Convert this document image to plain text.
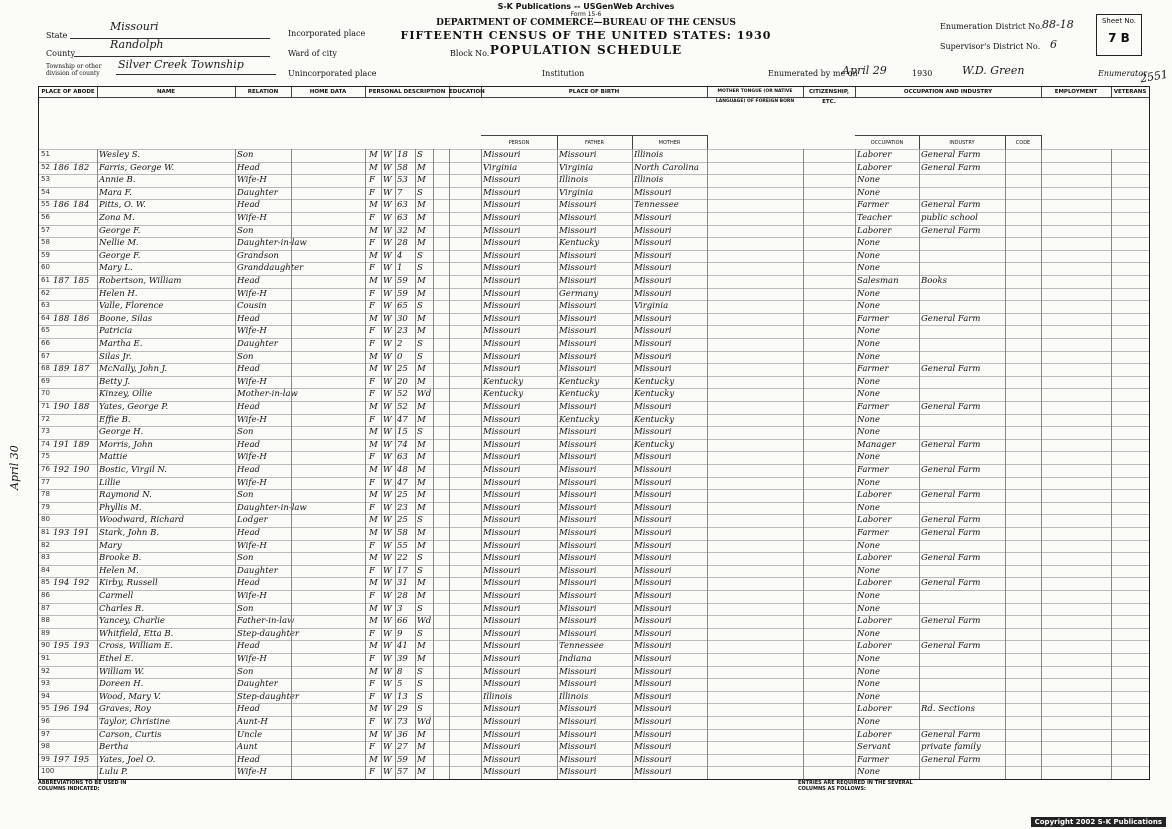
S-K Publications -- USGenWeb Archives
Form 15-6
DEPARTMENT OF COMMERCE—BUREAU OF THE CENSUS
FIFTEENTH CENSUS OF THE UNITED STATES: 1930
POPULATION SCHEDULE
State
Missouri
County
Randolph
Township or other division of county
Silver Creek Township
Incorporated place
Ward of city	Block No.
Unincorporated place	Institution
Enumeration District No. 88-18
Supervisor's District No. 6
Enumerated by me on
April 29	1930	W.D. Green	Enumerator
Sheet No.
7 B
2551
PLACE OF ABODE	NAME	RELATION	HOME DATA	PERSONAL DESCRIPTION EDUCATION	PLACE OF BIRTH	MOTHER TONGUE (OR NATIVE LANGUAGE) OF FOREIGN BORN
CITIZENSHIP, ETC.
OCCUPATION AND INDUSTRY	EMPLOYMENT	VETERANS
PERSON	FATHER	MOTHER	OCCUPATION	INDUSTRY	CODE
51	Wesley S.	Son	M W 18	S	Missouri	Missouri	Illinois	Laborer	General Farm
52 186 182	Farris, George W.	Head	M W 58	M	Virginia	Virginia	North Carolina	Laborer	General Farm
53	Annie B.	Wife-H	F W 53	M	Missouri	Illinois	Illinois	None
54	Mara F.	Daughter	F W 7	S	Missouri	Virginia	Missouri	None
55 186 184	Pitts, O. W.	Head	M W 63	M	Missouri	Missouri	Tennessee	Farmer	General Farm
56	Zona M.	Wife-H	F W 63	M	Missouri	Missouri	Missouri	Teacher	public school
57	George F.	Son	M W 32	M	Missouri	Missouri	Missouri	Laborer	General Farm
58	Nellie M.	Daughter-in-law	F W 28	M	Missouri	Kentucky	Missouri	None
59	George F.	Grandson	M W 4	S	Missouri	Missouri	Missouri	None
60	Mary L.	Granddaughter	F W 1	S	Missouri	Missouri	Missouri	None
61 187 185	Robertson, William	Head	M W 59	M	Missouri	Missouri	Missouri	Salesman	Books
62	Helen H.	Wife-H	F W 59	M	Missouri	Germany	Missouri	None
63	Valle, Florence	Cousin	F W 65	S	Missouri	Missouri	Virginia	None
64 188 186	Boone, Silas	Head	M W 30	M	Missouri	Missouri	Missouri	Farmer	General Farm
65	Patricia	Wife-H	F W 23	M	Missouri	Missouri	Missouri	None
66	Martha E.	Daughter	F W 2	S	Missouri	Missouri	Missouri	None
67	Silas Jr.	Son	M W 0	S	Missouri	Missouri	Missouri	None
68 189 187	McNally, John J.	Head	M W 25	M	Missouri	Missouri	Missouri	Farmer	General Farm
69	Betty J.	Wife-H	F W 20	M	Kentucky	Kentucky	Kentucky	None
70	Kinzey, Ollie	Mother-in-law	F W 52	Wd	Kentucky	Kentucky	Kentucky	None
71 190 188	Yates, George P.	Head	M W 52	M	Missouri	Missouri	Missouri	Farmer	General Farm
72	Effie B.	Wife-H	F W 47	M	Missouri	Kentucky	Kentucky	None
73	George H.	Son	M W 15	S	Missouri	Missouri	Missouri	None
74 191 189	Morris, John	Head	M W 74	M	Missouri	Missouri	Kentucky	Manager	General Farm
75	Mattie	Wife-H	F W 63	M	Missouri	Missouri	Missouri	None
76 192 190	Bostic, Virgil N.	Head	M W 48	M	Missouri	Missouri	Missouri	Farmer	General Farm
77	Lillie	Wife-H	F W 47	M	Missouri	Missouri	Missouri	None
78	Raymond N.	Son	M W 25	M	Missouri	Missouri	Missouri	Laborer	General Farm
79	Phyllis M.	Daughter-in-law	F W 23	M	Missouri	Missouri	Missouri	None
80	Woodward, Richard	Lodger	M W 25	S	Missouri	Missouri	Missouri	Laborer	General Farm
81 193 191	Stark, John B.	Head	M W 58	M	Missouri	Missouri	Missouri	Farmer	General Farm
82	Mary	Wife-H	F W 55	M	Missouri	Missouri	Missouri	None
83	Brooke B.	Son	M W 22	S	Missouri	Missouri	Missouri	Laborer	General Farm
84	Helen M.	Daughter	F W 17	S	Missouri	Missouri	Missouri	None
85 194 192	Kirby, Russell	Head	M W 31	M	Missouri	Missouri	Missouri	Laborer	General Farm
86	Carmell	Wife-H	F W 28	M	Missouri	Missouri	Missouri	None
87	Charles R.	Son	M W 3	S	Missouri	Missouri	Missouri	None
88	Yancey, Charlie	Father-in-law	M W 66	Wd	Missouri	Missouri	Missouri	Laborer	General Farm
89	Whitfield, Etta B.	Step-daughter	F W 9	S	Missouri	Missouri	Missouri	None
90 195 193	Cross, William E.	Head	M W 41	M	Missouri	Tennessee	Missouri	Laborer	General Farm
91	Ethel E.	Wife-H	F W 39	M	Missouri	Indiana	Missouri	None
92	William W.	Son	M W 8	S	Missouri	Missouri	Missouri	None
93	Doreen H.	Daughter	F W 5	S	Missouri	Missouri	Missouri	None
94	Wood, Mary V.	Step-daughter	F W 13	S	Illinois	Illinois	Missouri	None
95 196 194	Graves, Roy	Head	M W 29	S	Missouri	Missouri	Missouri	Laborer	Rd. Sections
96	Taylor, Christine	Aunt-H	F W 73	Wd	Missouri	Missouri	Missouri	None
97	Carson, Curtis	Uncle	M W 36	M	Missouri	Missouri	Missouri	Laborer	General Farm
98	Bertha	Aunt	F W 27	M	Missouri	Missouri	Missouri	Servant	private family
99 197 195	Yates, Joel O.	Head	M W 59	M	Missouri	Missouri	Missouri	Farmer	General Farm
100	Lulu P.	Wife-H	F W 57	M	Missouri	Missouri	Missouri	None
April 30
ABBREVIATIONS TO BE USED IN COLUMNS INDICATED:
ENTRIES ARE REQUIRED IN THE SEVERAL COLUMNS AS FOLLOWS:
Copyright 2002 S-K Publications
